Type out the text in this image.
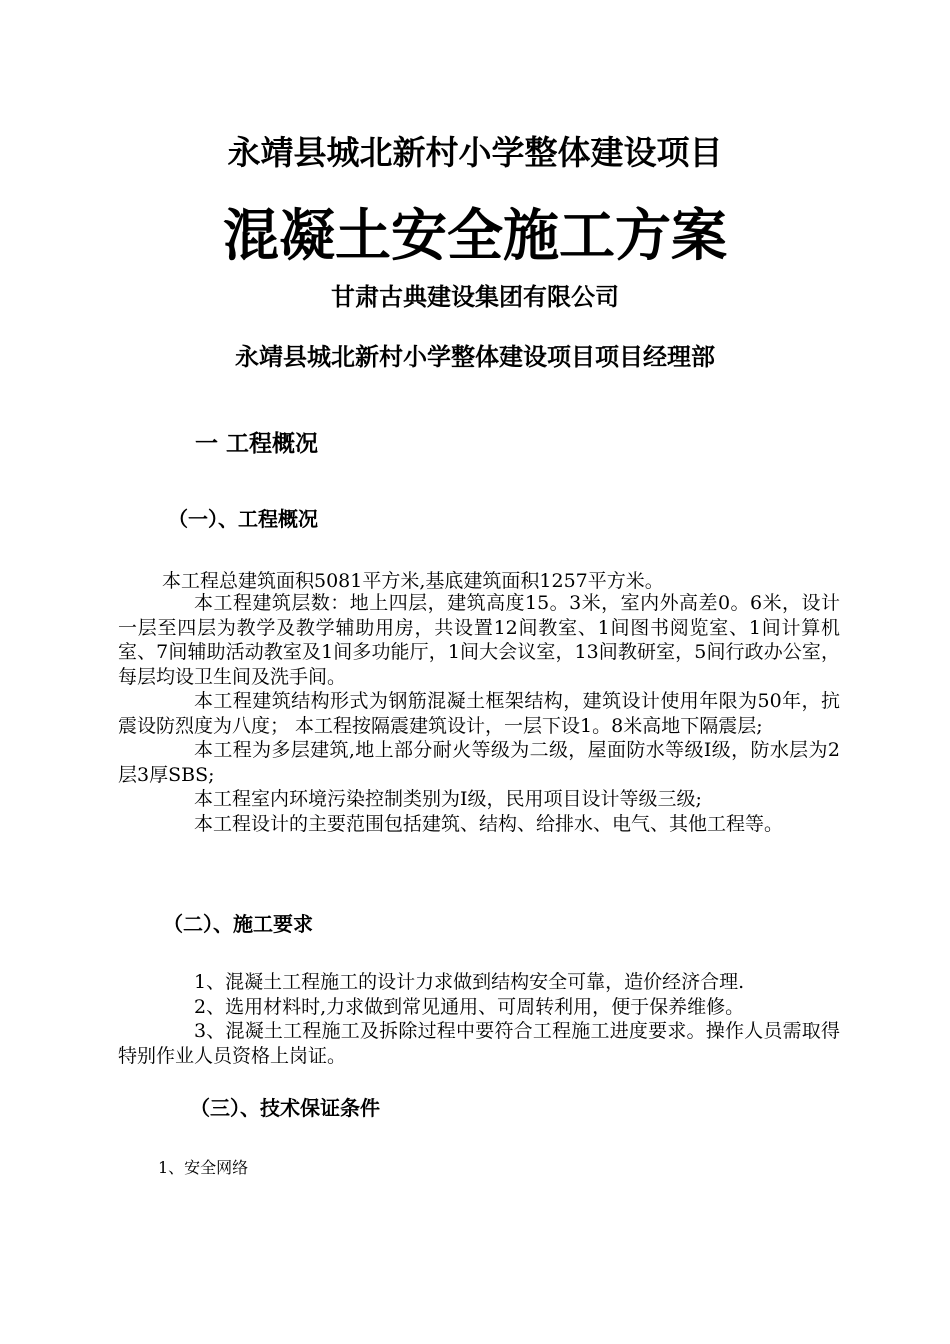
永靖县城北新村小学整体建设项目
混凝土安全施工方案
甘肃古典建设集团有限公司
永靖县城北新村小学整体建设项目项目经理部
一 工程概况
（一）、工程概况
本工程总建筑面积5081平方米,基底建筑面积1257平方米。

本工程建筑层数：地上四层，建筑高度15。3米，室内外高差0。6米，设计一层至四层为教学及教学辅助用房，共设置12间教室、1间图书阅览室、1间计算机室、7间辅助活动教室及1间多功能厅，1间大会议室，13间教研室，5间行政办公室，每层均设卫生间及洗手间。

本工程建筑结构形式为钢筋混凝土框架结构，建筑设计使用年限为50年，抗震设防烈度为八度； 本工程按隔震建筑设计，一层下设1。8米高地下隔震层;

本工程为多层建筑,地上部分耐火等级为二级，屋面防水等级I级，防水层为2层3厚SBS;

本工程室内环境污染控制类别为I级，民用项目设计等级三级;

本工程设计的主要范围包括建筑、结构、给排水、电气、其他工程等。

（二）、施工要求

1、混凝土工程施工的设计力求做到结构安全可靠，造价经济合理.

2、选用材料时,力求做到常见通用、可周转利用，便于保养维修。

3、混凝土工程施工及拆除过程中要符合工程施工进度要求。操作人员需取得特别作业人员资格上岗证。

（三）、技术保证条件
1、安全网络
